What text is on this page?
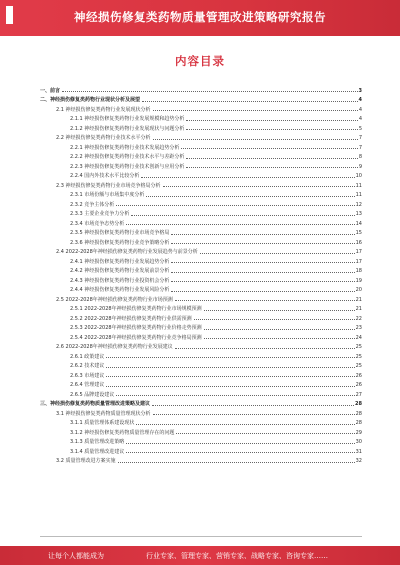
神经损伤修复类药物质量管理改进策略研究报告
内容目录
一、前言	3
二、神经损伤修复类药物行业现状分析及展望	4
2.1 神经损伤修复类药物行业发展现状分析	4
2.1.1 神经损伤修复类药物行业发展规模和趋势分析	4
2.1.2 神经损伤修复类药物行业发展现状与问题分析	5
2.2 神经损伤修复类药物行业技术水平分析	7
2.2.1 神经损伤修复类药物行业技术发展趋势分析	7
2.2.2 神经损伤修复类药物行业技术水平与差距分析	8
2.2.3 神经损伤修复类药物行业技术创新与应用分析	9
2.2.4 国内外技术水平比较分析	10
2.3 神经损伤修复类药物行业市场竞争格局分析	11
2.3.1 市场份额与市场集中度分析	11
2.3.2 竞争主体分析	12
2.3.3 主要企业竞争力分析	13
2.3.4 市场竞争态势分析	14
2.3.5 神经损伤修复类药物行业市场竞争格局	15
2.3.6 神经损伤修复类药物行业竞争策略分析	16
2.4 2022-2028年神经损伤修复类药物行业发展趋势与前景分析	17
2.4.1 神经损伤修复类药物行业发展趋势分析	17
2.4.2 神经损伤修复类药物行业发展前景分析	18
2.4.3 神经损伤修复类药物行业投资机会分析	19
2.4.4 神经损伤修复类药物行业发展风险分析	20
2.5 2022-2028年神经损伤修复类药物行业市场预测	21
2.5.1 2022-2028年神经损伤修复类药物行业市场规模预测	21
2.5.2 2022-2028年神经损伤修复类药物行业供需预测	22
2.5.3 2022-2028年神经损伤修复类药物行业价格走势预测	23
2.5.4 2022-2028年神经损伤修复类药物行业竞争格局预测	24
2.6 2022-2028年神经损伤修复类药物行业发展建议	25
2.6.1 政策建议	25
2.6.2 技术建议	25
2.6.3 市场建议	26
2.6.4 管理建议	26
2.6.5 品牌建设建议	27
三、神经损伤修复类药物质量管理改进策略及建议	28
3.1 神经损伤修复类药物质量管理现状分析	28
3.1.1 质量管理体系建设现状	28
3.1.2 神经损伤修复类药物质量管理存在的问题	29
3.1.3 质量管理改进策略	30
3.1.4 质量管理改进建议	31
3.2 质量管理改进方案实施	32
让每个人都能成为	行业专家、管理专家、营销专家、战略专家、咨询专家……
